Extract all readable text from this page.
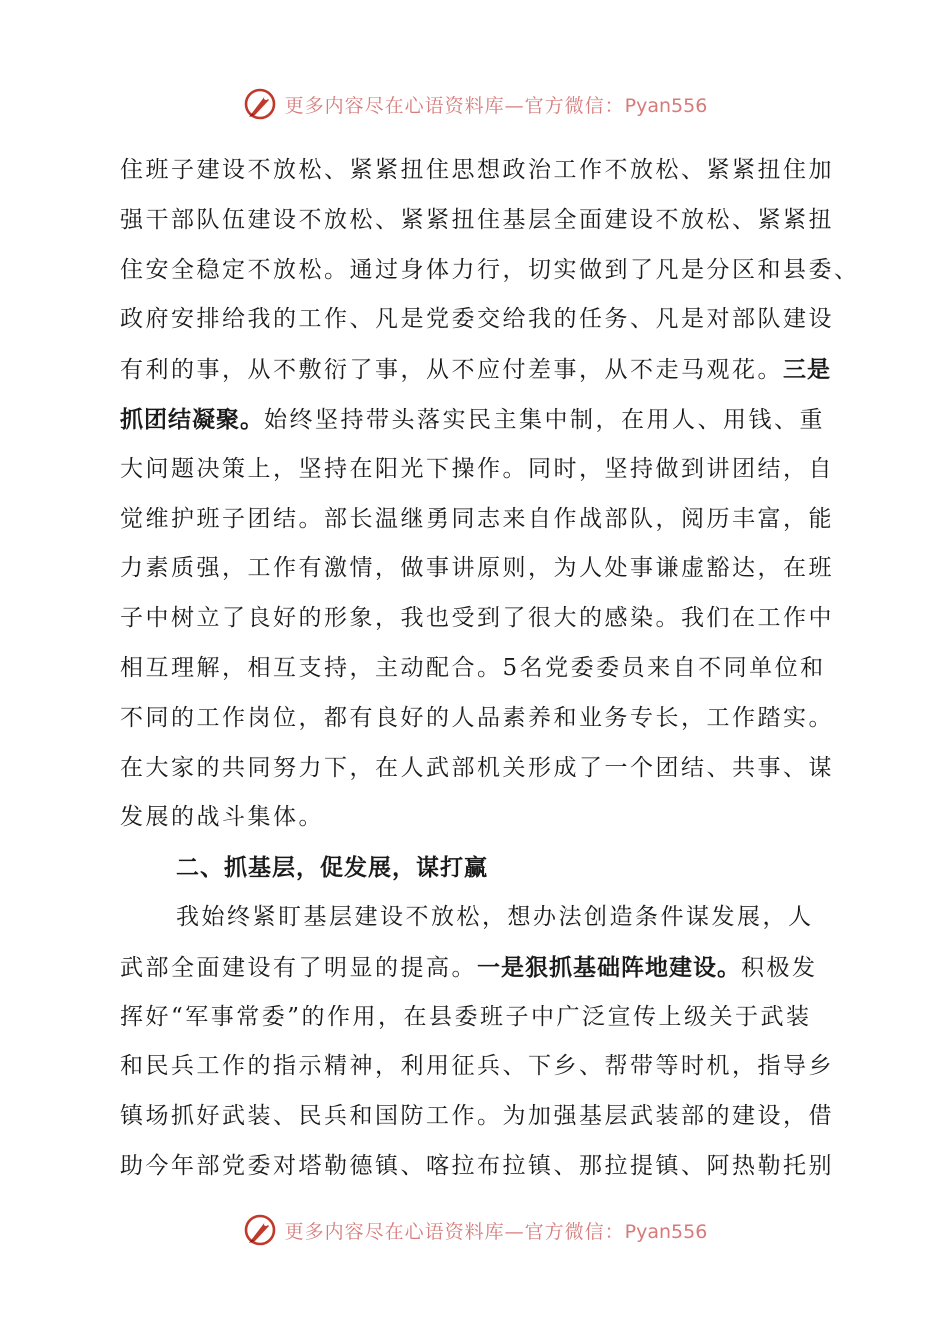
更多内容尽在心语资料库—官方微信：Pyan556
住班子建设不放松、紧紧扭住思想政治工作不放松、紧紧扭住加
强干部队伍建设不放松、紧紧扭住基层全面建设不放松、紧紧扭
住安全稳定不放松。通过身体力行，切实做到了凡是分区和县委、
政府安排给我的工作、凡是党委交给我的任务、凡是对部队建设
有利的事，从不敷衍了事，从不应付差事，从不走马观花。三是
抓团结凝聚。始终坚持带头落实民主集中制，在用人、用钱、重
大问题决策上，坚持在阳光下操作。同时，坚持做到讲团结，自
觉维护班子团结。部长温继勇同志来自作战部队，阅历丰富，能
力素质强，工作有激情，做事讲原则，为人处事谦虚豁达，在班
子中树立了良好的形象，我也受到了很大的感染。我们在工作中
相互理解，相互支持，主动配合。5名党委委员来自不同单位和
不同的工作岗位，都有良好的人品素养和业务专长，工作踏实。
在大家的共同努力下，在人武部机关形成了一个团结、共事、谋
发展的战斗集体。
二、抓基层，促发展，谋打赢
我始终紧盯基层建设不放松，想办法创造条件谋发展，人
武部全面建设有了明显的提高。一是狠抓基础阵地建设。积极发
挥好“军事常委”的作用，在县委班子中广泛宣传上级关于武装
和民兵工作的指示精神，利用征兵、下乡、帮带等时机，指导乡
镇场抓好武装、民兵和国防工作。为加强基层武装部的建设，借
助今年部党委对塔勒德镇、喀拉布拉镇、那拉提镇、阿热勒托别
更多内容尽在心语资料库—官方微信：Pyan556
